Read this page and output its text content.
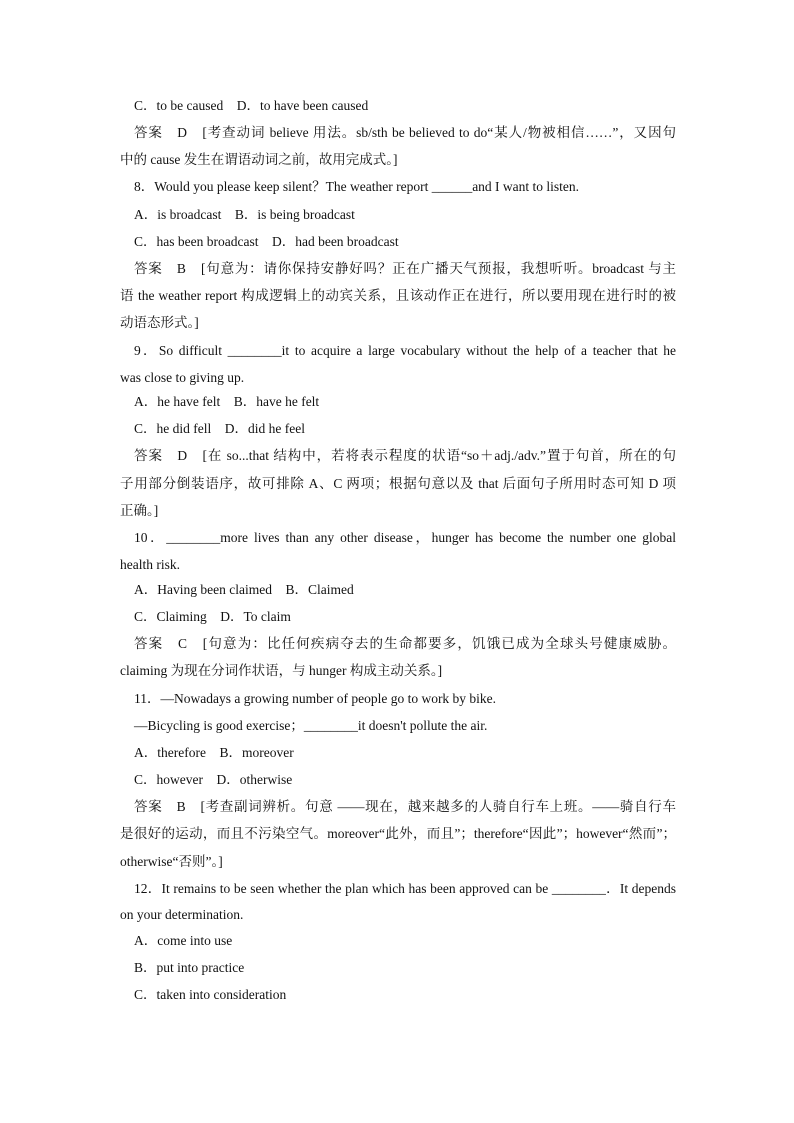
C．to be caused　D．to have been caused
答案　D　[考查动词 believe 用法。sb/sth be believed to do“某人/物被相信……”，又因句
中的 cause 发生在谓语动词之前，故用完成式。]
8．Would you please keep silent？The weather report ______and I want to listen.
A．is broadcast　B．is being broadcast
C．has been broadcast　D．had been broadcast
答案　B　[句意为：请你保持安静好吗？正在广播天气预报，我想听听。broadcast 与主
语 the weather report 构成逻辑上的动宾关系，且该动作正在进行，所以要用现在进行时的被
动语态形式。]
9．So difficult ________it to acquire a large vocabulary without the help of a teacher that he
was close to giving up.
A．he have felt　B．have he felt
C．he did fell　D．did he feel
答案　D　[在 so...that 结构中，若将表示程度的状语“so＋adj./adv.”置于句首，所在的句
子用部分倒装语序，故可排除 A、C 两项；根据句意以及 that 后面句子所用时态可知 D 项
正确。]
10．________more lives than any other disease，hunger has become the number one global
health risk.
A．Having been claimed　B．Claimed
C．Claiming　D．To claim
答案　C　[句意为：比任何疾病夺去的生命都要多，饥饿已成为全球头号健康威胁。
claiming 为现在分词作状语，与 hunger 构成主动关系。]
11．—Nowadays a growing number of people go to work by bike.
—Bicycling is good exercise；________it doesn't pollute the air.
A．therefore　B．moreover
C．however　D．otherwise
答案　B　[考查副词辨析。句意 ——现在，越来越多的人骑自行车上班。——骑自行车
是很好的运动，而且不污染空气。moreover“此外，而且”；therefore“因此”；however“然而”；
otherwise“否则”。]
12．It remains to be seen whether the plan which has been approved can be ________．It depends
on your determination.
A．come into use
B．put into practice
C．taken into consideration
